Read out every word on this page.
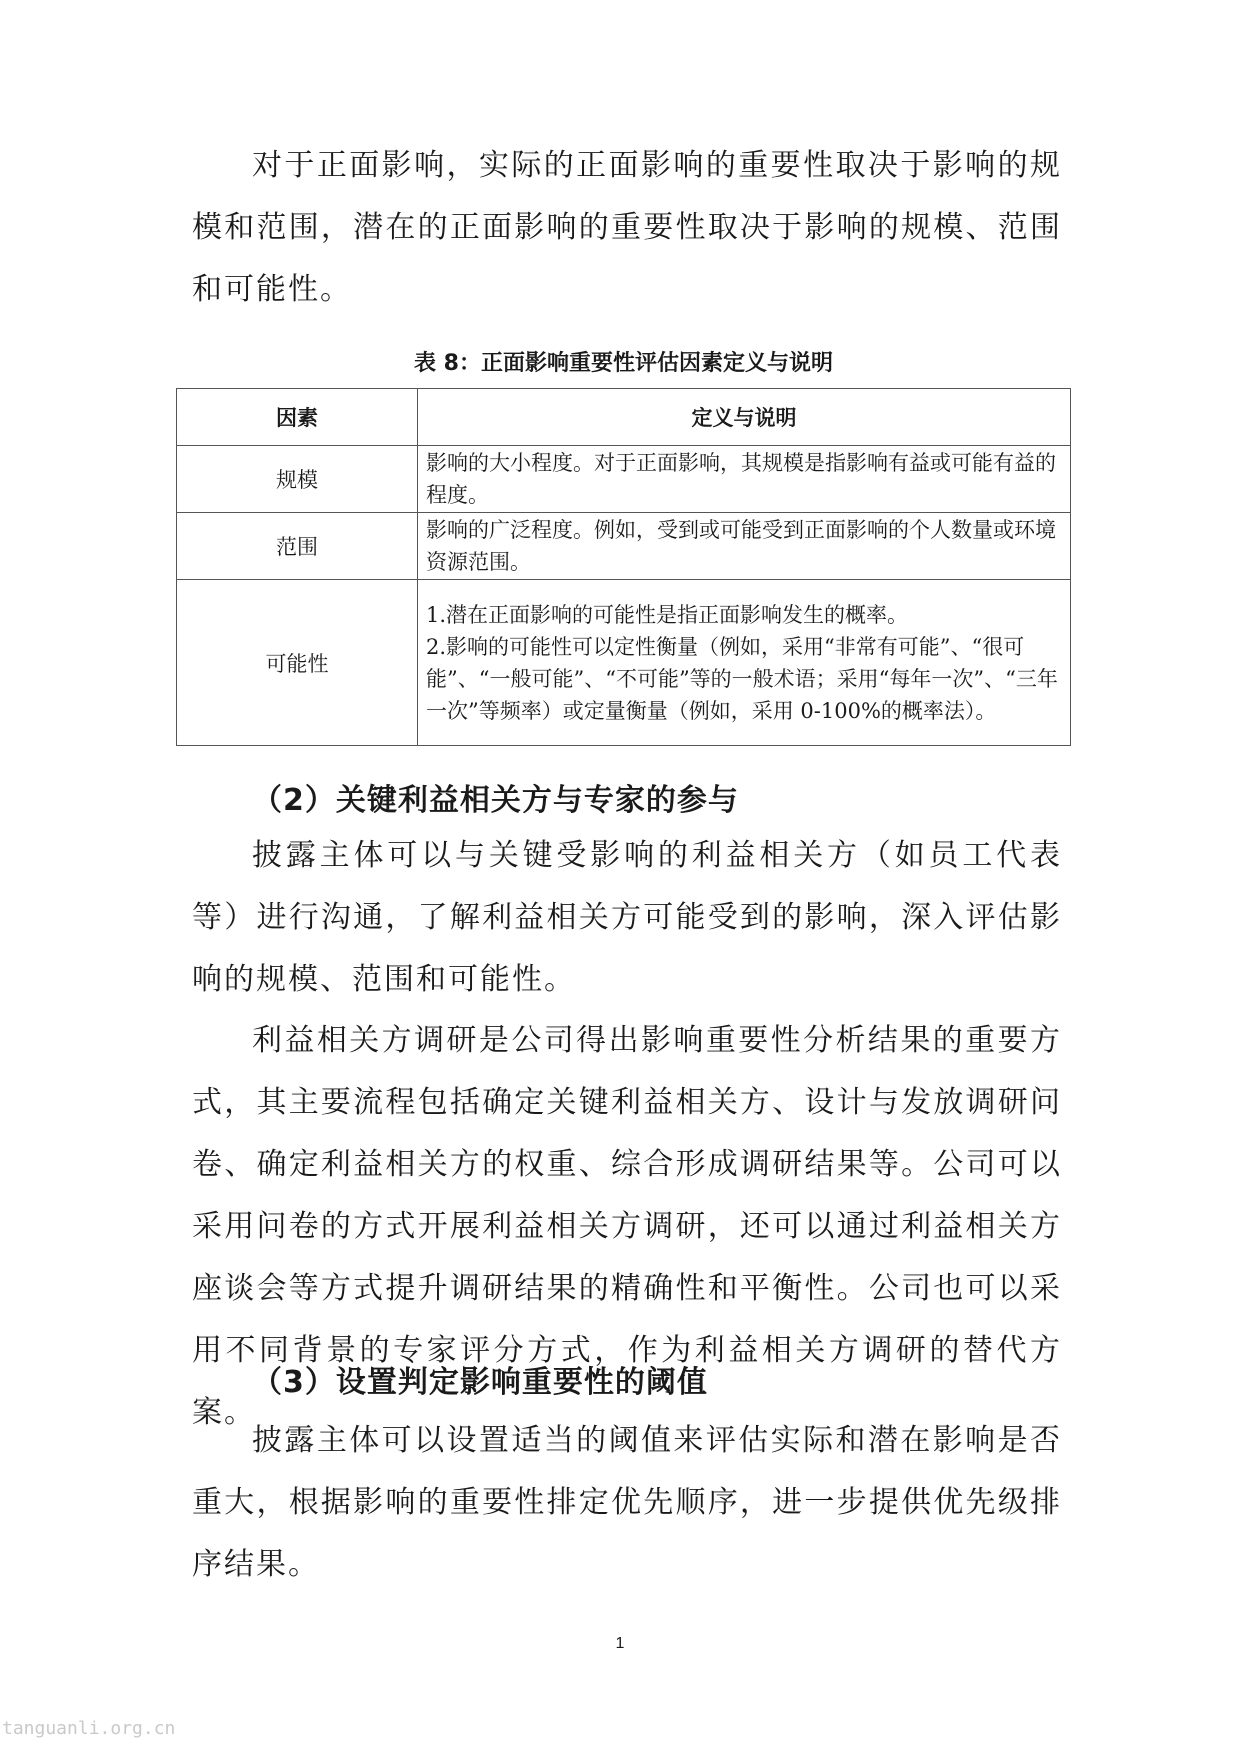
对于正面影响，实际的正面影响的重要性取决于影响的规模和范围，潜在的正面影响的重要性取决于影响的规模、范围和可能性。

表 8：正面影响重要性评估因素定义与说明
因素	定义与说明
规模	影响的大小程度。对于正面影响，其规模是指影响有益或可能有益的程度。

范围	影响的广泛程度。例如，受到或可能受到正面影响的个人数量或环境资源范围。

可能性	1.潜在正面影响的可能性是指正面影响发生的概率。
2.影响的可能性可以定性衡量（例如，采用“非常有可能”、“很可能”、“一般可能”、“不可能”等的一般术语；采用“每年一次”、“三年一次”等频率）或定量衡量（例如，采用 0-100%的概率法）。
（2）关键利益相关方与专家的参与

披露主体可以与关键受影响的利益相关方（如员工代表等）进行沟通，了解利益相关方可能受到的影响，深入评估影响的规模、范围和可能性。

利益相关方调研是公司得出影响重要性分析结果的重要方式，其主要流程包括确定关键利益相关方、设计与发放调研问卷、确定利益相关方的权重、综合形成调研结果等。公司可以采用问卷的方式开展利益相关方调研，还可以通过利益相关方座谈会等方式提升调研结果的精确性和平衡性。公司也可以采用不同背景的专家评分方式，作为利益相关方调研的替代方案。

（3）设置判定影响重要性的阈值

披露主体可以设置适当的阈值来评估实际和潜在影响是否重大，根据影响的重要性排定优先顺序，进一步提供优先级排序结果。

1
tanguanli.org.cn
